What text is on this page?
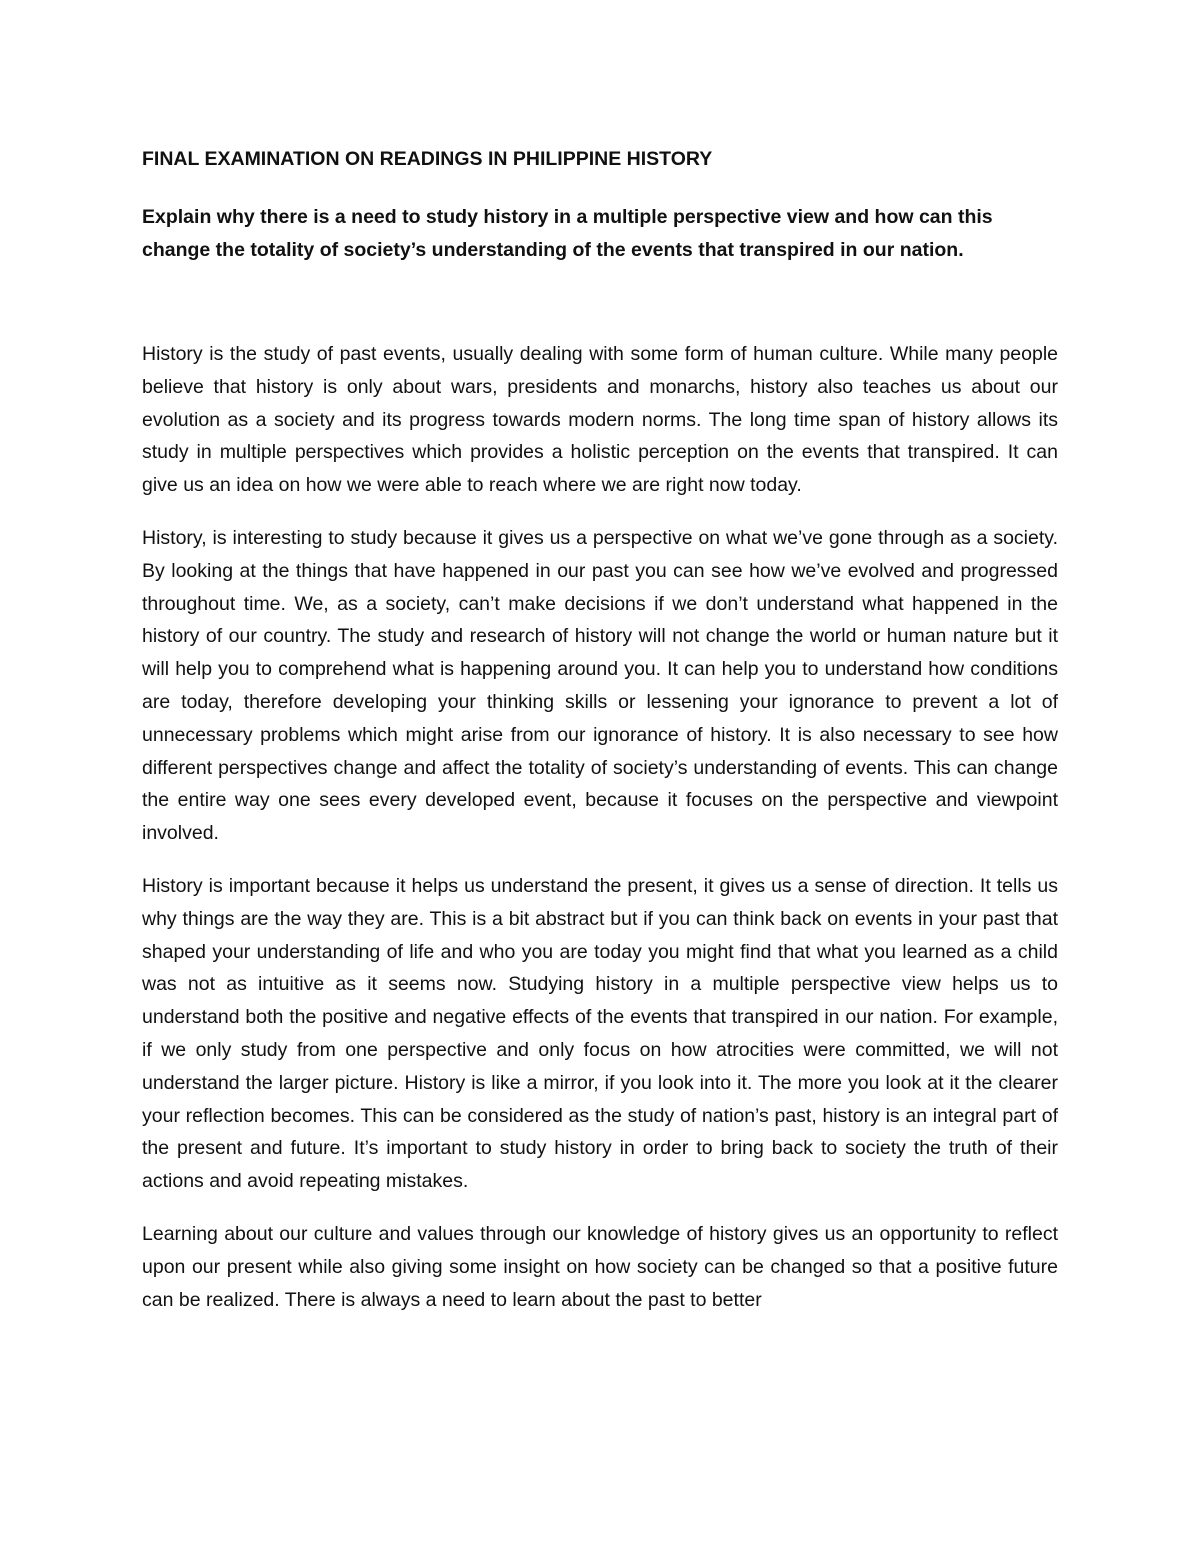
FINAL EXAMINATION ON READINGS IN PHILIPPINE HISTORY

Explain why there is a need to study history in a multiple perspective view and how can this change the totality of society’s understanding of the events that transpired in our nation.

History is the study of past events, usually dealing with some form of human culture. While many people believe that history is only about wars, presidents and monarchs, history also teaches us about our evolution as a society and its progress towards modern norms. The long time span of history allows its study in multiple perspectives which provides a holistic perception on the events that transpired. It can give us an idea on how we were able to reach where we are right now today.

History, is interesting to study because it gives us a perspective on what we’ve gone through as a society. By looking at the things that have happened in our past you can see how we’ve evolved and progressed throughout time. We, as a society, can’t make decisions if we don’t understand what happened in the history of our country. The study and research of history will not change the world or human nature but it will help you to comprehend what is happening around you. It can help you to understand how conditions are today, therefore developing your thinking skills or lessening your ignorance to prevent a lot of unnecessary problems which might arise from our ignorance of history. It is also necessary to see how different perspectives change and affect the totality of society’s understanding of events. This can change the entire way one sees every developed event, because it focuses on the perspective and viewpoint involved.

History is important because it helps us understand the present, it gives us a sense of direction. It tells us why things are the way they are. This is a bit abstract but if you can think back on events in your past that shaped your understanding of life and who you are today you might find that what you learned as a child was not as intuitive as it seems now. Studying history in a multiple perspective view helps us to understand both the positive and negative effects of the events that transpired in our nation. For example, if we only study from one perspective and only focus on how atrocities were committed, we will not understand the larger picture. History is like a mirror, if you look into it. The more you look at it the clearer your reflection becomes. This can be considered as the study of nation’s past, history is an integral part of the present and future. It’s important to study history in order to bring back to society the truth of their actions and avoid repeating mistakes.

Learning about our culture and values through our knowledge of history gives us an opportunity to reflect upon our present while also giving some insight on how society can be changed so that a positive future can be realized. There is always a need to learn about the past to better
